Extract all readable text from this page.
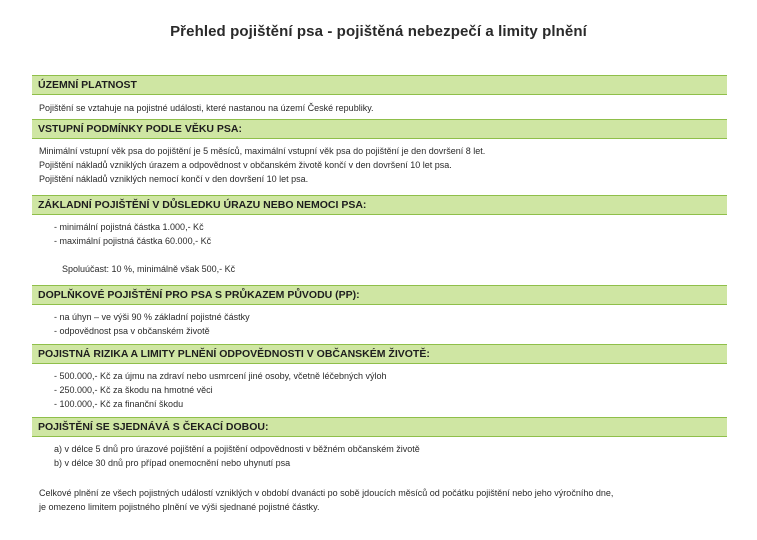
Přehled pojištění psa - pojištěná nebezpečí a limity plnění
ÚZEMNÍ PLATNOST
Pojištění se vztahuje na pojistné události, které nastanou na území České republiky.
VSTUPNÍ PODMÍNKY PODLE VĚKU PSA:
Minimální vstupní věk psa do pojištění je 5 měsíců, maximální vstupní věk psa do pojištění je den dovršení 8 let.
Pojištění nákladů vzniklých úrazem a odpovědnost v občanském životě končí v den dovršení 10 let psa.
Pojištění nákladů vzniklých nemocí končí v den dovršení 10 let psa.
ZÁKLADNÍ POJIŠTĚNÍ V DŮSLEDKU ÚRAZU NEBO NEMOCI PSA:
- minimální pojistná částka 1.000,- Kč
- maximální pojistná částka 60.000,- Kč
Spoluúčast: 10 %, minimálně však 500,- Kč
DOPLŇKOVÉ POJIŠTĚNÍ PRO PSA S PRŮKAZEM PŮVODU (PP):
- na úhyn – ve výši 90 % základní pojistné částky
- odpovědnost psa v občanském životě
POJISTNÁ RIZIKA A LIMITY PLNĚNÍ ODPOVĚDNOSTI V OBČANSKÉM ŽIVOTĚ:
- 500.000,- Kč za újmu na zdraví nebo usmrcení jiné osoby, včetně léčebných výloh
- 250.000,- Kč za škodu na hmotné věci
- 100.000,- Kč za finanční škodu
POJIŠTĚNÍ SE SJEDNÁVÁ S ČEKACÍ DOBOU:
a) v délce 5 dnů pro úrazové pojištění a pojištění odpovědnosti v běžném občanském životě
b) v délce 30 dnů pro případ onemocnění nebo uhynutí psa
Celkové plnění ze všech pojistných událostí vzniklých v období dvanácti po sobě jdoucích měsíců od počátku pojištění nebo jeho výročního dne,
je omezeno limitem pojistného plnění ve výši sjednané pojistné částky.
